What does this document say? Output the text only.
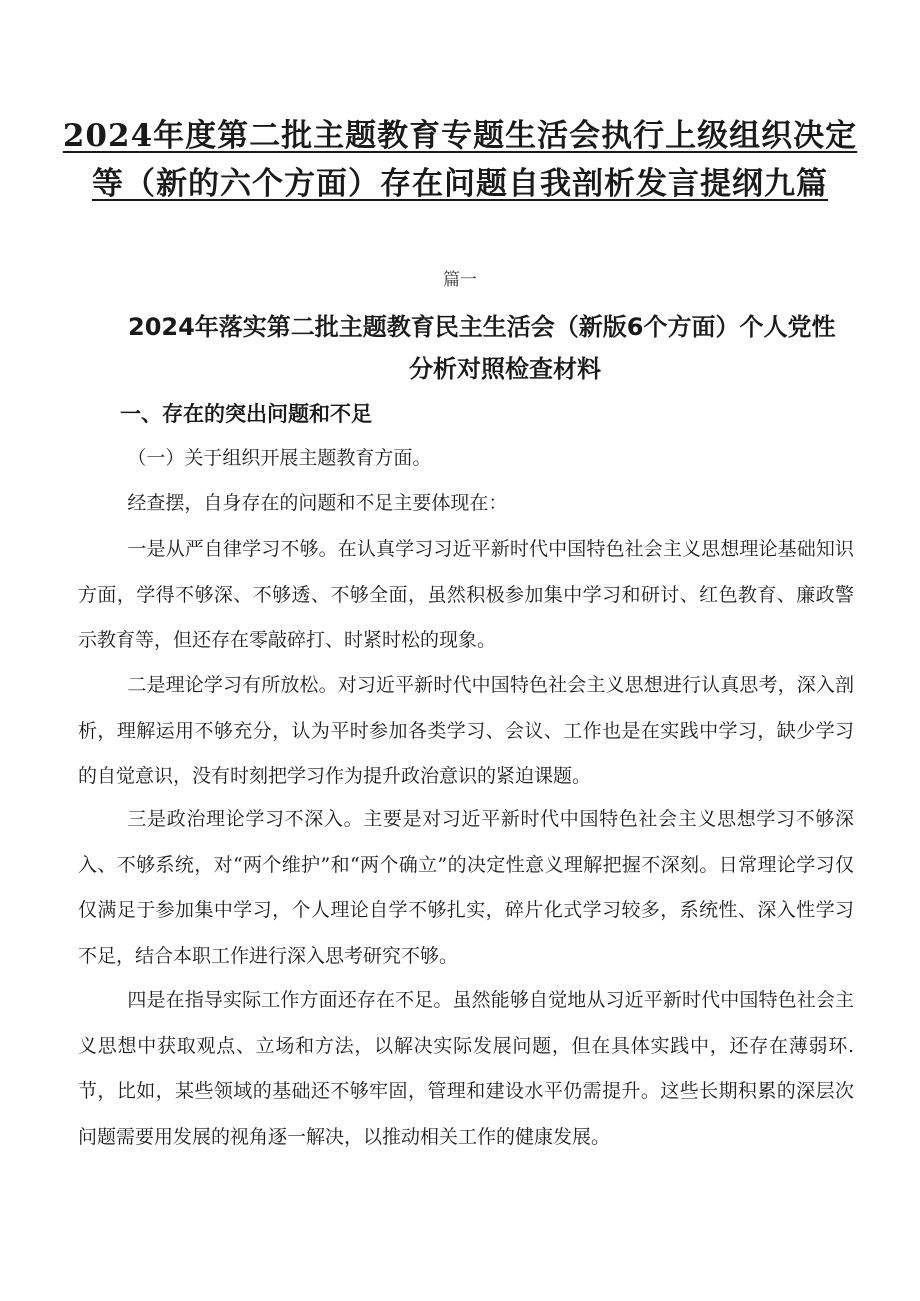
2024年度第二批主题教育专题生活会执行上级组织决定
等（新的六个方面）存在问题自我剖析发言提纲九篇

篇一

2024年落实第二批主题教育民主生活会（新版6个方面）个人党性
分析对照检查材料
一、存在的突出问题和不足

（一）关于组织开展主题教育方面。

经查摆，自身存在的问题和不足主要体现在：

一是从严自律学习不够。在认真学习习近平新时代中国特色社会主义思想理论基础知识方面，学得不够深、不够透、不够全面，虽然积极参加集中学习和研讨、红色教育、廉政警示教育等，但还存在零敲碎打、时紧时松的现象。

二是理论学习有所放松。对习近平新时代中国特色社会主义思想进行认真思考，深入剖析，理解运用不够充分，认为平时参加各类学习、会议、工作也是在实践中学习，缺少学习的自觉意识，没有时刻把学习作为提升政治意识的紧迫课题。

三是政治理论学习不深入。主要是对习近平新时代中国特色社会主义思想学习不够深入、不够系统，对“两个维护”和“两个确立”的决定性意义理解把握不深刻。日常理论学习仅仅满足于参加集中学习，个人理论自学不够扎实，碎片化式学习较多，系统性、深入性学习不足，结合本职工作进行深入思考研究不够。

四是在指导实际工作方面还存在不足。虽然能够自觉地从习近平新时代中国特色社会主义思想中获取观点、立场和方法，以解决实际发展问题，但在具体实践中，还存在薄弱环.节，比如，某些领域的基础还不够牢固，管理和建设水平仍需提升。这些长期积累的深层次问题需要用发展的视角逐一解决，以推动相关工作的健康发展。
